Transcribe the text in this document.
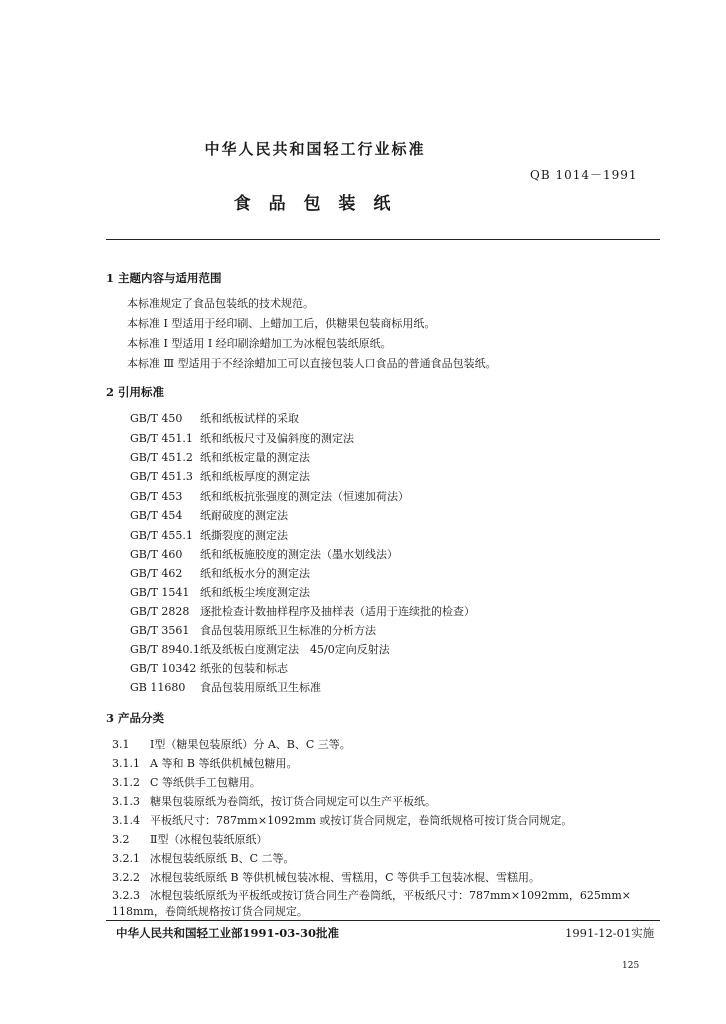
中华人民共和国轻工行业标准
QB 1014－1991
食 品 包 装 纸
1 主题内容与适用范围
本标准规定了食品包装纸的技术规范。
本标准 I 型适用于经印刷、上蜡加工后，供糖果包装商标用纸。
本标准 I 型适用 I 经印刷涂蜡加工为冰棍包装纸原纸。
本标准 Ⅲ 型适用于不经涂蜡加工可以直接包装人口食品的普通食品包装纸。
2 引用标准
GB/T 450 纸和纸板试样的采取
GB/T 451.1 纸和纸板尺寸及偏斜度的测定法
GB/T 451.2 纸和纸板定量的测定法
GB/T 451.3 纸和纸板厚度的测定法
GB/T 453 纸和纸板抗张强度的测定法（恒速加荷法）
GB/T 454 纸耐破度的测定法
GB/T 455.1 纸撕裂度的测定法
GB/T 460 纸和纸板施胶度的测定法（墨水划线法）
GB/T 462 纸和纸板水分的测定法
GB/T 1541 纸和纸板尘埃度测定法
GB/T 2828 逐批检查计数抽样程序及抽样表（适用于连续批的检查）
GB/T 3561 食品包装用原纸卫生标准的分析方法
GB/T 8940.1纸及纸板白度测定法　45/0定向反射法
GB/T 10342 纸张的包装和标志
GB 11680 食品包装用原纸卫生标准
3 产品分类
3.1 Ⅰ型（糖果包装原纸）分 A、B、C 三等。
3.1.1 A 等和 B 等纸供机械包糖用。
3.1.2 C 等纸供手工包糖用。
3.1.3 糖果包装原纸为卷筒纸，按订货合同规定可以生产平板纸。
3.1.4 平板纸尺寸：787mm×1092mm 或按订货合同规定，卷筒纸规格可按订货合同规定。
3.2 Ⅱ型（冰棍包装纸原纸）
3.2.1 冰棍包装纸原纸 B、C 二等。
3.2.2 冰棍包装纸原纸 B 等供机械包装冰棍、雪糕用，C 等供手工包装冰棍、雪糕用。
3.2.3 冰棍包装纸原纸为平板纸或按订货合同生产卷筒纸，平板纸尺寸：787mm×1092mm，625mm×
118mm，卷筒纸规格按订货合同规定。
中华人民共和国轻工业部1991-03-30批准	1991-12-01实施
125
